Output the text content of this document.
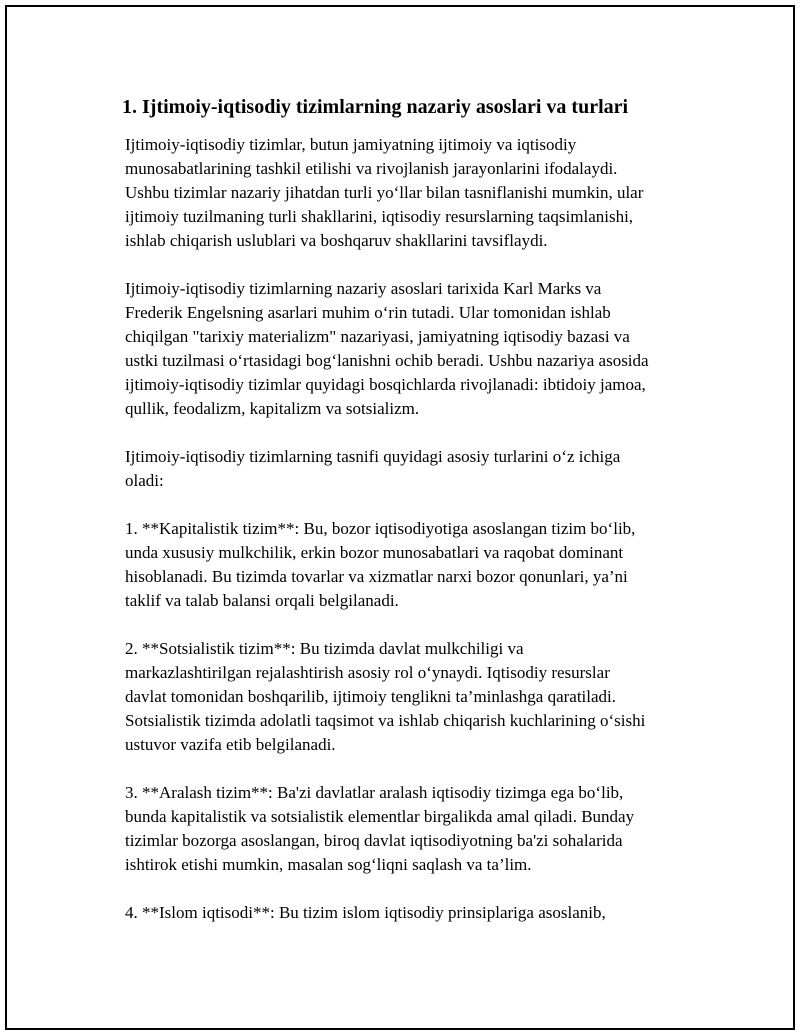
1. Ijtimoiy-iqtisodiy tizimlarning nazariy asoslari va turlari

Ijtimoiy-iqtisodiy tizimlar, butun jamiyatning ijtimoiy va iqtisodiy
munosabatlarining tashkil etilishi va rivojlanish jarayonlarini ifodalaydi.
Ushbu tizimlar nazariy jihatdan turli yo‘llar bilan tasniflanishi mumkin, ular
ijtimoiy tuzilmaning turli shakllarini, iqtisodiy resurslarning taqsimlanishi,
ishlab chiqarish uslublari va boshqaruv shakllarini tavsiflaydi.

Ijtimoiy-iqtisodiy tizimlarning nazariy asoslari tarixida Karl Marks va
Frederik Engelsning asarlari muhim o‘rin tutadi. Ular tomonidan ishlab
chiqilgan "tarixiy materializm" nazariyasi, jamiyatning iqtisodiy bazasi va
ustki tuzilmasi o‘rtasidagi bog‘lanishni ochib beradi. Ushbu nazariya asosida
ijtimoiy-iqtisodiy tizimlar quyidagi bosqichlarda rivojlanadi: ibtidoiy jamoa,
qullik, feodalizm, kapitalizm va sotsializm.

Ijtimoiy-iqtisodiy tizimlarning tasnifi quyidagi asosiy turlarini o‘z ichiga
oladi:

1. **Kapitalistik tizim**: Bu, bozor iqtisodiyotiga asoslangan tizim bo‘lib,
unda xususiy mulkchilik, erkin bozor munosabatlari va raqobat dominant
hisoblanadi. Bu tizimda tovarlar va xizmatlar narxi bozor qonunlari, ya’ni
taklif va talab balansi orqali belgilanadi.

2. **Sotsialistik tizim**: Bu tizimda davlat mulkchiligi va
markazlashtirilgan rejalashtirish asosiy rol o‘ynaydi. Iqtisodiy resurslar
davlat tomonidan boshqarilib, ijtimoiy tenglikni ta’minlashga qaratiladi.
Sotsialistik tizimda adolatli taqsimot va ishlab chiqarish kuchlarining o‘sishi
ustuvor vazifa etib belgilanadi.

3. **Aralash tizim**: Ba'zi davlatlar aralash iqtisodiy tizimga ega bo‘lib,
bunda kapitalistik va sotsialistik elementlar birgalikda amal qiladi. Bunday
tizimlar bozorga asoslangan, biroq davlat iqtisodiyotning ba'zi sohalarida
ishtirok etishi mumkin, masalan sog‘liqni saqlash va ta’lim.

4. **Islom iqtisodi**: Bu tizim islom iqtisodiy prinsiplariga asoslanib,
